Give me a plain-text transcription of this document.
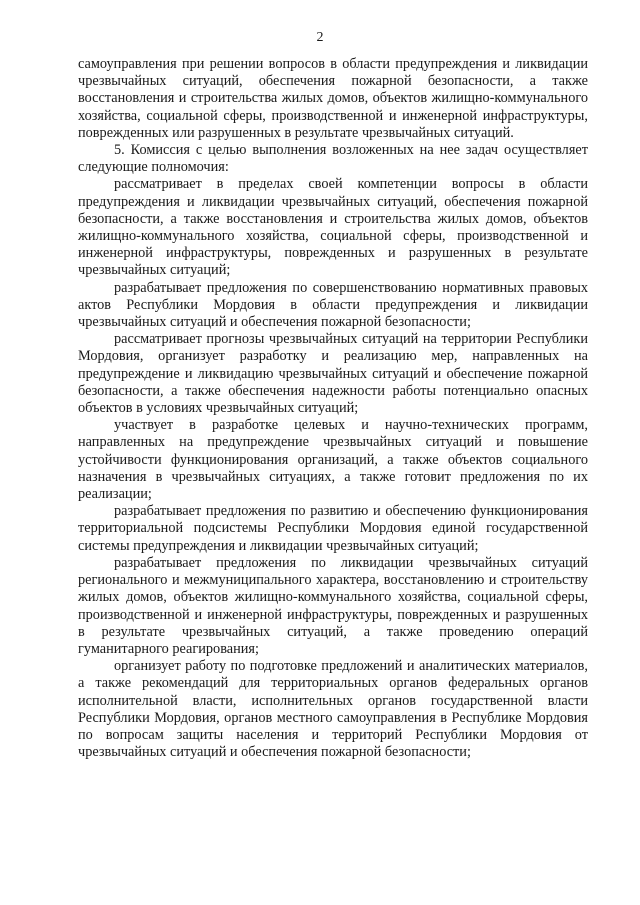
2

самоуправления при решении вопросов в области предупреждения и ликвидации чрезвычайных ситуаций, обеспечения пожарной безопасности, а также восстановления и строительства жилых домов, объектов жилищно-коммунального хозяйства, социальной сферы, производственной и инженерной инфраструктуры, поврежденных или разрушенных в результате чрезвычайных ситуаций.

5. Комиссия с целью выполнения возложенных на нее задач осуществляет следующие полномочия:

рассматривает в пределах своей компетенции вопросы в области предупреждения и ликвидации чрезвычайных ситуаций, обеспечения пожарной безопасности, а также восстановления и строительства жилых домов, объектов жилищно-коммунального хозяйства, социальной сферы, производственной и инженерной инфраструктуры, поврежденных и разрушенных в результате чрезвычайных ситуаций;

разрабатывает предложения по совершенствованию нормативных правовых актов Республики Мордовия в области предупреждения и ликвидации чрезвычайных ситуаций и обеспечения пожарной безопасности;

рассматривает прогнозы чрезвычайных ситуаций на территории Республики Мордовия, организует разработку и реализацию мер, направленных на предупреждение и ликвидацию чрезвычайных ситуаций и обеспечение пожарной безопасности, а также обеспечения надежности работы потенциально опасных объектов в условиях чрезвычайных ситуаций;

участвует в разработке целевых и научно-технических программ, направленных на предупреждение чрезвычайных ситуаций и повышение устойчивости функционирования организаций, а также объектов социального назначения в чрезвычайных ситуациях, а также готовит предложения по их реализации;

разрабатывает предложения по развитию и обеспечению функционирования территориальной подсистемы Республики Мордовия единой государственной системы предупреждения и ликвидации чрезвычайных ситуаций;

разрабатывает предложения по ликвидации чрезвычайных ситуаций регионального и межмуниципального характера, восстановлению и строительству жилых домов, объектов жилищно-коммунального хозяйства, социальной сферы, производственной и инженерной инфраструктуры, поврежденных и разрушенных в результате чрезвычайных ситуаций, а также проведению операций гуманитарного реагирования;

организует работу по подготовке предложений и аналитических материалов, а также рекомендаций для территориальных органов федеральных органов исполнительной власти, исполнительных органов государственной власти Республики Мордовия, органов местного самоуправления в Республике Мордовия по вопросам защиты населения и территорий Республики Мордовия от чрезвычайных ситуаций и обеспечения пожарной безопасности;
